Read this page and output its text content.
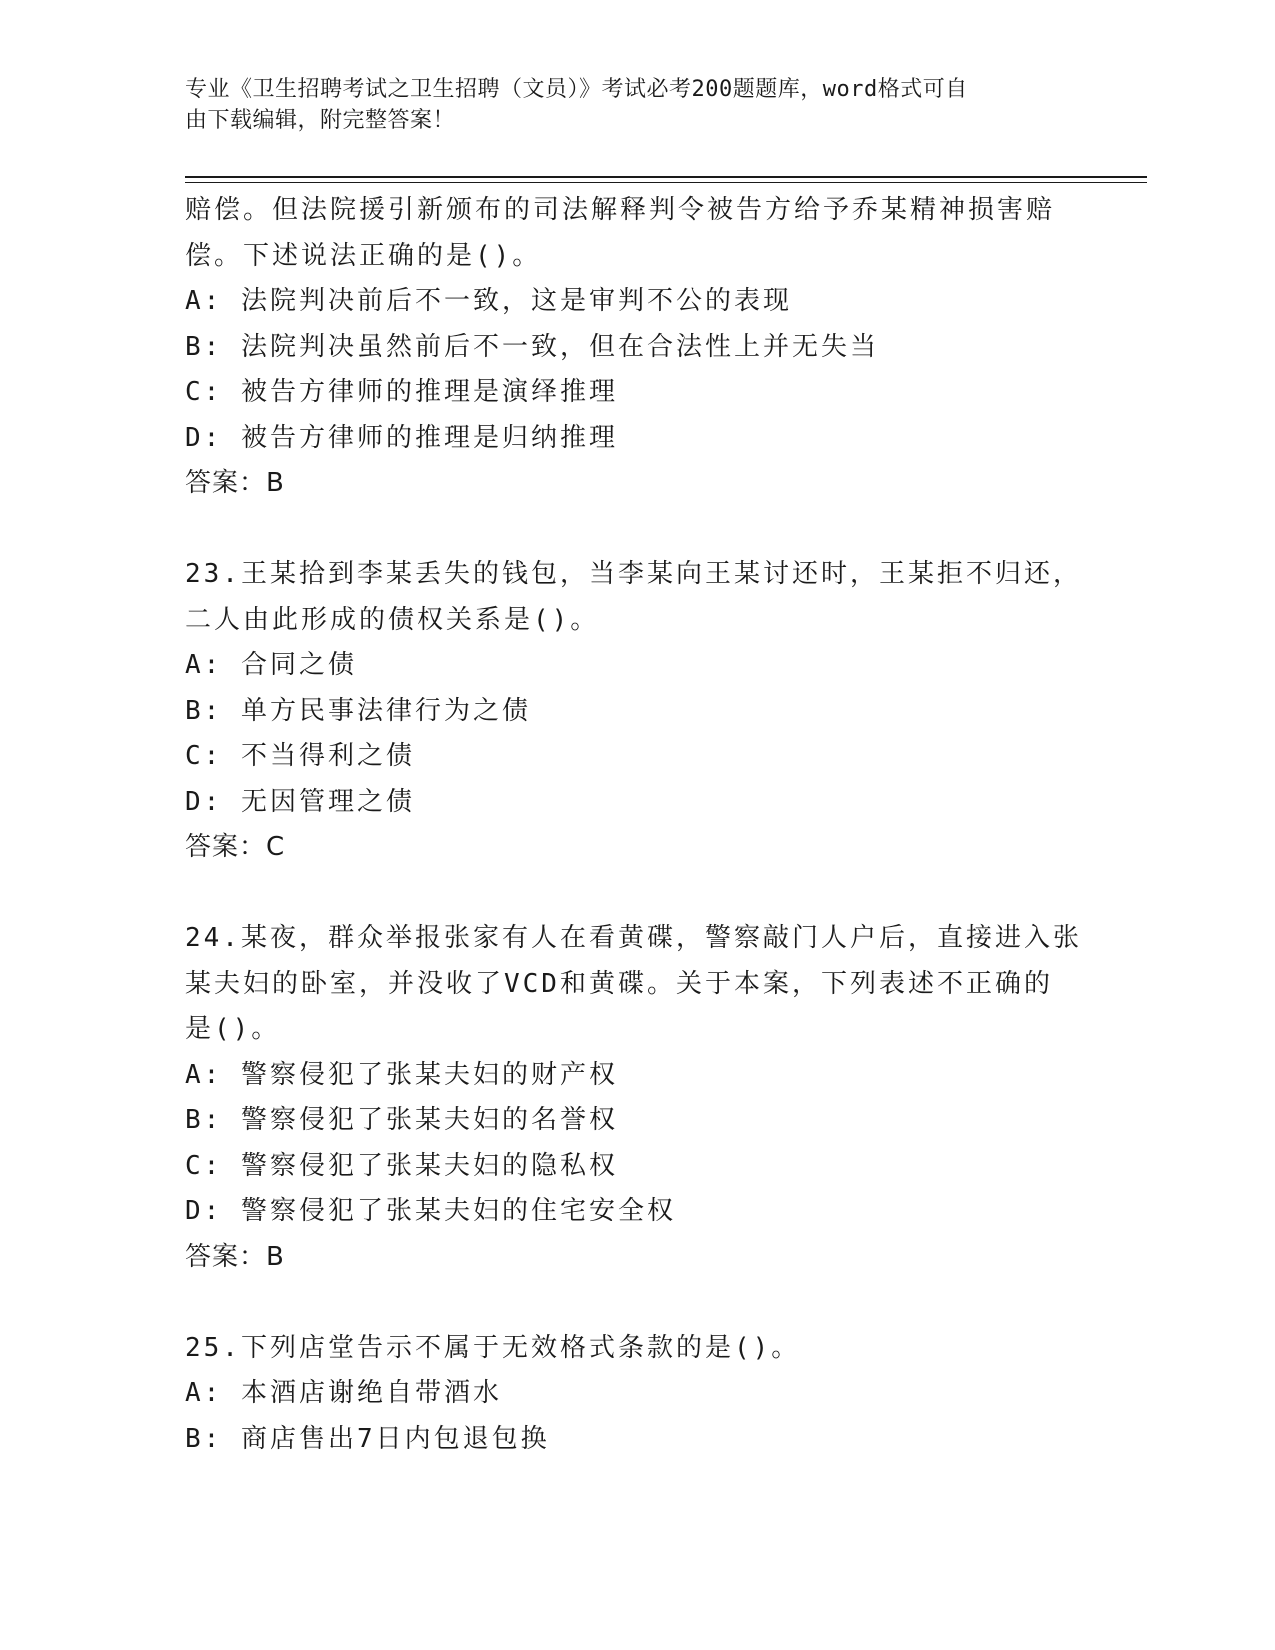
专业《卫生招聘考试之卫生招聘（文员）》考试必考200题题库，word格式可自
由下载编辑，附完整答案！
赔偿。但法院援引新颁布的司法解释判令被告方给予乔某精神损害赔
偿。下述说法正确的是()。
A: 法院判决前后不一致，这是审判不公的表现
B: 法院判决虽然前后不一致，但在合法性上并无失当
C: 被告方律师的推理是演绎推理
D: 被告方律师的推理是归纳推理
答案：B
23.王某拾到李某丢失的钱包，当李某向王某讨还时，王某拒不归还，
二人由此形成的债权关系是()。
A: 合同之债
B: 单方民事法律行为之债
C: 不当得利之债
D: 无因管理之债
答案：C
24.某夜，群众举报张家有人在看黄碟，警察敲门人户后，直接进入张
某夫妇的卧室，并没收了VCD和黄碟。关于本案，下列表述不正确的
是()。
A: 警察侵犯了张某夫妇的财产权
B: 警察侵犯了张某夫妇的名誉权
C: 警察侵犯了张某夫妇的隐私权
D: 警察侵犯了张某夫妇的住宅安全权
答案：B
25.下列店堂告示不属于无效格式条款的是()。
A: 本酒店谢绝自带酒水
B: 商店售出7日内包退包换
